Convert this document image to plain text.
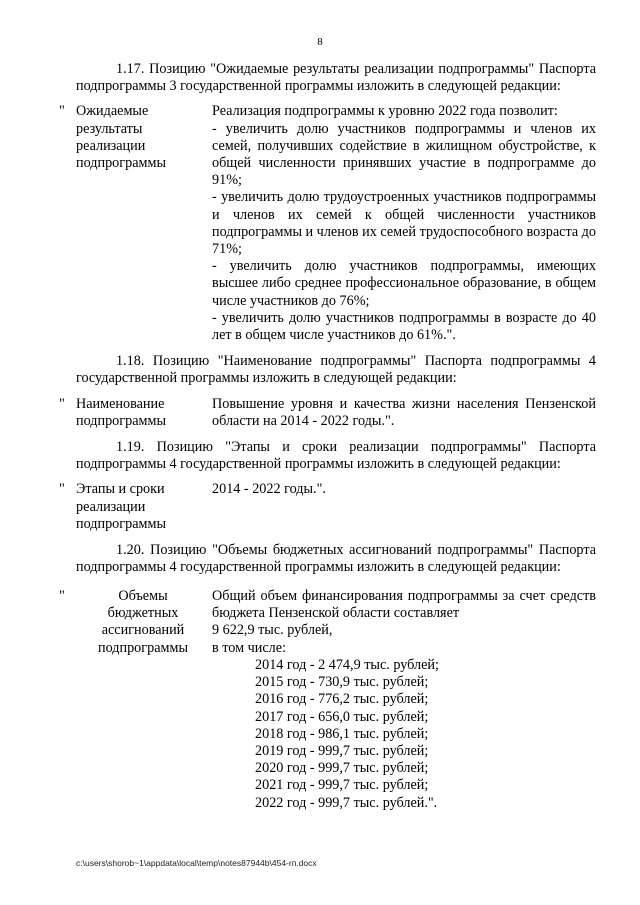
8

1.17. Позицию "Ожидаемые результаты реализации подпрограммы" Паспорта подпрограммы 3 государственной программы изложить в следующей редакции:

" Ожидаемые
результаты
реализации
подпрограммы
Реализация подпрограммы к уровню 2022 года позволит:
- увеличить долю участников подпрограммы и членов их семей, получивших содействие в жилищном обустройстве, к общей численности принявших участие в подпрограмме до 91%;
- увеличить долю трудоустроенных участников подпрограммы и членов их семей к общей численности участников подпрограммы и членов их семей трудоспособного возраста до 71%;
- увеличить долю участников подпрограммы, имеющих высшее либо среднее профессиональное образование, в общем числе участников до 76%;
- увеличить долю участников подпрограммы в возрасте до 40 лет в общем числе участников до 61%.".

1.18. Позицию "Наименование подпрограммы" Паспорта подпрограммы 4 государственной программы изложить в следующей редакции:

" Наименование
подпрограммы
Повышение уровня и качества жизни населения Пензенской области на 2014 - 2022 годы.".

1.19. Позицию "Этапы и сроки реализации подпрограммы" Паспорта подпрограммы 4 государственной программы изложить в следующей редакции:

" Этапы и сроки
реализации
подпрограммы
2014 - 2022 годы.".

1.20. Позицию "Объемы бюджетных ассигнований подпрограммы" Паспорта подпрограммы 4 государственной программы изложить в следующей редакции:

"	Объемы
бюджетных
ассигнований
подпрограммы
Общий объем финансирования подпрограммы за счет средств бюджета Пензенской области составляет
9 622,9 тыс. рублей,
в том числе:
2014 год - 2 474,9 тыс. рублей;
2015 год - 730,9 тыс. рублей;
2016 год - 776,2 тыс. рублей;
2017 год - 656,0 тыс. рублей;
2018 год - 986,1 тыс. рублей;
2019 год - 999,7 тыс. рублей;
2020 год - 999,7 тыс. рублей;
2021 год - 999,7 тыс. рублей;
2022 год - 999,7 тыс. рублей.".
c:\users\shorob~1\appdata\local\temp\notes87944b\454-rп.docx
